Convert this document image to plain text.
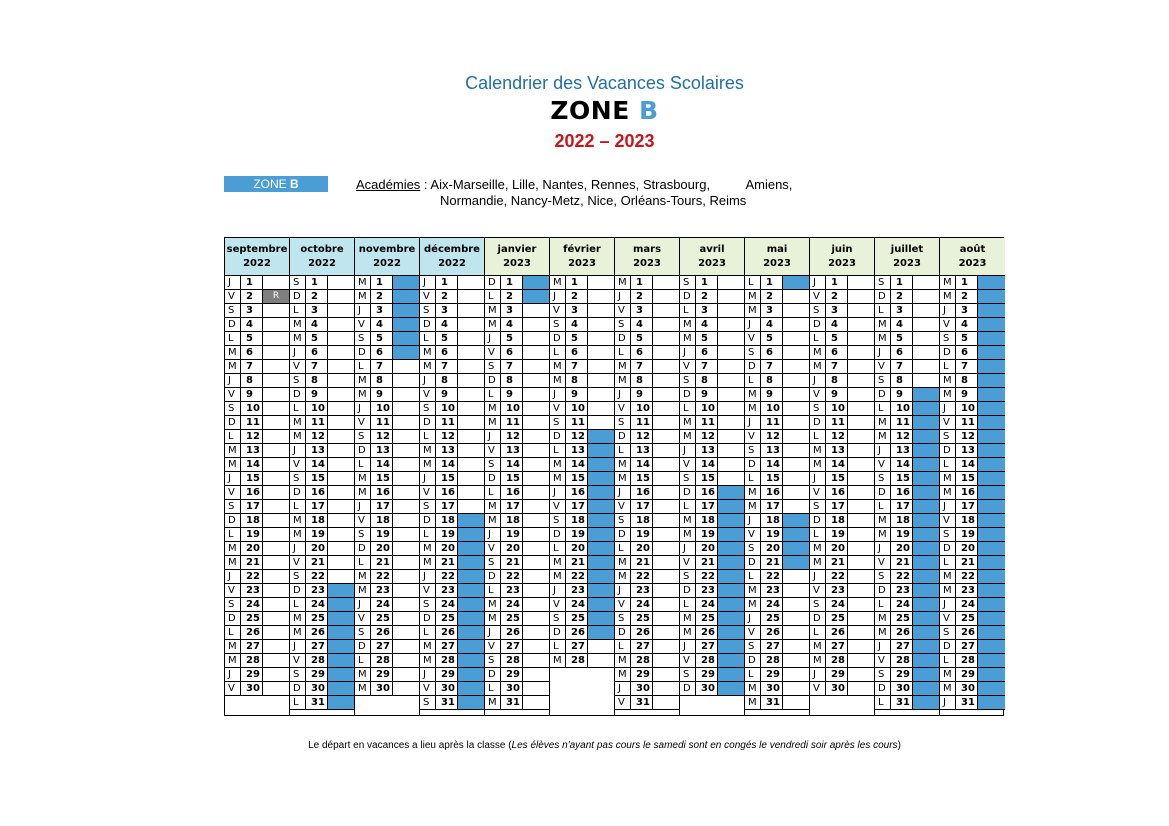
Calendrier des Vacances Scolaires
ZONE B
2022 – 2023
ZONE B	Académies : Aix-Marseille, Lille, Nantes, Rennes, Strasbourg,          Amiens,
Normandie, Nancy-Metz, Nice, Orléans-Tours, Reims
septembre
2022
J	1
V	2	R
S	3
D	4
L	5
M 6
M 7
J	8
V	9
S	10
D	11
L	12
M 13
M 14
J	15
V	16
S	17
D	18
L	19
M 20
M 21
J	22
V	23
S	24
D	25
L	26
M 27
M 28
J	29
V	30
octobre
2022
S	1
D	2
L	3
M 4
M 5
J	6
V	7
S	8
D	9
L	10
M 11
M 12
J	13
V	14
S	15
D	16
L	17
M 18
M 19
J	20
V	21
S	22
D	23
L	24
M 25
M 26
J	27
V	28
S	29
D	30
L	31
novembre
2022
M 1
M 2
J	3
V	4
S	5
D	6
L	7
M 8
M 9
J	10
V	11
S	12
D	13
L	14
M 15
M 16
J	17
V	18
S	19
D	20
L	21
M 22
M 23
J	24
V	25
S	26
D	27
L	28
M 29
M 30
décembre
2022
J	1
V	2
S	3
D	4
L	5
M 6
M 7
J	8
V	9
S	10
D	11
L	12
M 13
M 14
J	15
V	16
S	17
D	18
L	19
M 20
M 21
J	22
V	23
S	24
D	25
L	26
M 27
M 28
J	29
V	30
S	31
janvier
2023
D	1
L	2
M 3
M 4
J	5
V	6
S	7
D	8
L	9
M 10
M 11
J	12
V	13
S	14
D	15
L	16
M 17
M 18
J	19
V	20
S	21
D	22
L	23
M 24
M 25
J	26
V	27
S	28
D	29
L	30
M 31
février
2023
M 1
J	2
V	3
S	4
D	5
L	6
M 7
M 8
J	9
V	10
S	11
D	12
L	13
M 14
M 15
J	16
V	17
S	18
D	19
L	20
M 21
M 22
J	23
V	24
S	25
D	26
L	27
M 28
mars
2023
M 1
J	2
V	3
S	4
D	5
L	6
M 7
M 8
J	9
V	10
S	11
D	12
L	13
M 14
M 15
J	16
V	17
S	18
D	19
L	20
M 21
M 22
J	23
V	24
S	25
D	26
L	27
M 28
M 29
J	30
V	31
avril
2023
S	1
D	2
L	3
M 4
M 5
J	6
V	7
S	8
D	9
L	10
M 11
M 12
J	13
V	14
S	15
D	16
L	17
M 18
M 19
J	20
V	21
S	22
D	23
L	24
M 25
M 26
J	27
V	28
S	29
D	30
mai
2023
L	1
M 2
M 3
J	4
V	5
S	6
D	7
L	8
M 9
M 10
J	11
V	12
S	13
D	14
L	15
M 16
M 17
J	18
V	19
S	20
D	21
L	22
M 23
M 24
J	25
V	26
S	27
D	28
L	29
M 30
M 31
juin
2023
J	1
V	2
S	3
D	4
L	5
M 6
M 7
J	8
V	9
S	10
D	11
L	12
M 13
M 14
J	15
V	16
S	17
D	18
L	19
M 20
M 21
J	22
V	23
S	24
D	25
L	26
M 27
M 28
J	29
V	30
juillet
2023
S	1
D	2
L	3
M 4
M 5
J	6
V	7
S	8
D	9
L	10
M 11
M 12
J	13
V	14
S	15
D	16
L	17
M 18
M 19
J	20
V	21
S	22
D	23
L	24
M 25
M 26
J	27
V	28
S	29
D	30
L	31
août
2023
M 1
M 2
J	3
V	4
S	5
D	6
L	7
M 8
M 9
J	10
V	11
S	12
D	13
L	14
M 15
M 16
J	17
V	18
S	19
D	20
L	21
M 22
M 23
J	24
V	25
S	26
D	27
L	28
M 29
M 30
J	31
Le départ en vacances a lieu après la classe (Les élèves n'ayant pas cours le samedi sont en congés le vendredi soir après les cours)
